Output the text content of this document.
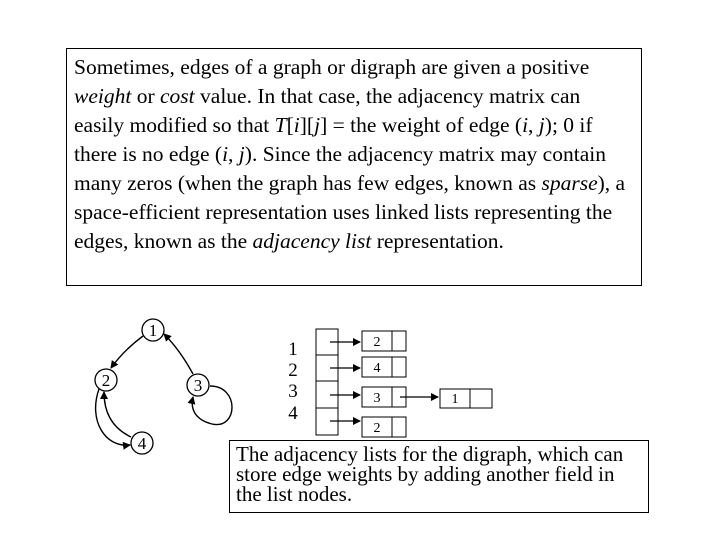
Sometimes, edges of a graph or digraph are given a positive weight or cost value. In that case, the adjacency matrix can easily modified so that T[i][j] = the weight of edge (i, j); 0 if there is no edge (i, j). Since the adjacency matrix may contain many zeros (when the graph has few edges, known as sparse), a space-efficient representation uses linked lists representing the edges, known as the adjacency list representation.

1
2	3
4
1
2
3
4
2
4
3	1
2

The adjacency lists for the digraph, which can store edge weights by adding another field in the list nodes.
